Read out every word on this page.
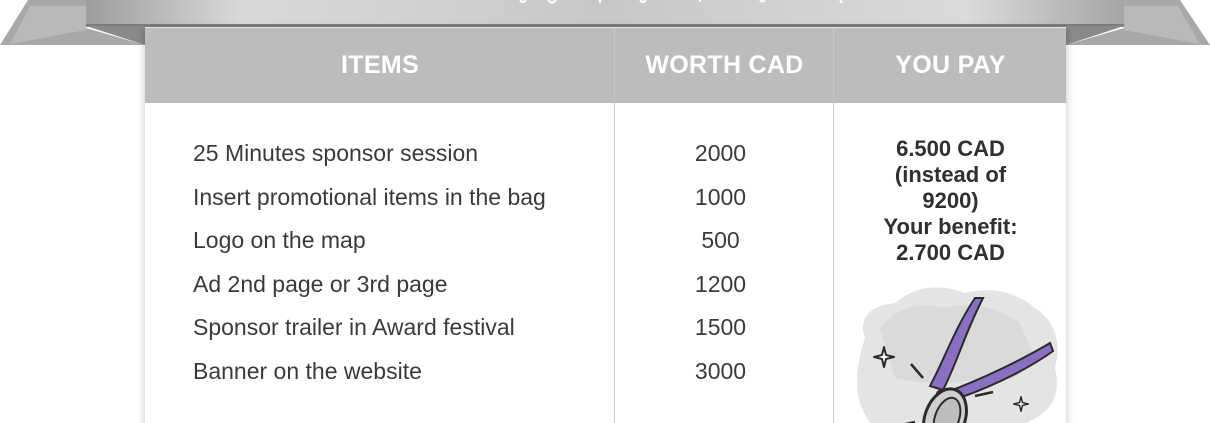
ITEMS	WORTH CAD	YOU PAY
25 Minutes sponsor session
Insert promotional items in the bag
Logo on the map
Ad 2nd page or 3rd page
Sponsor trailer in Award festival
Banner on the website
2000
1000
500
1200
1500
3000
6.500 CAD
(instead of
9200)
Your benefit:
2.700 CAD
